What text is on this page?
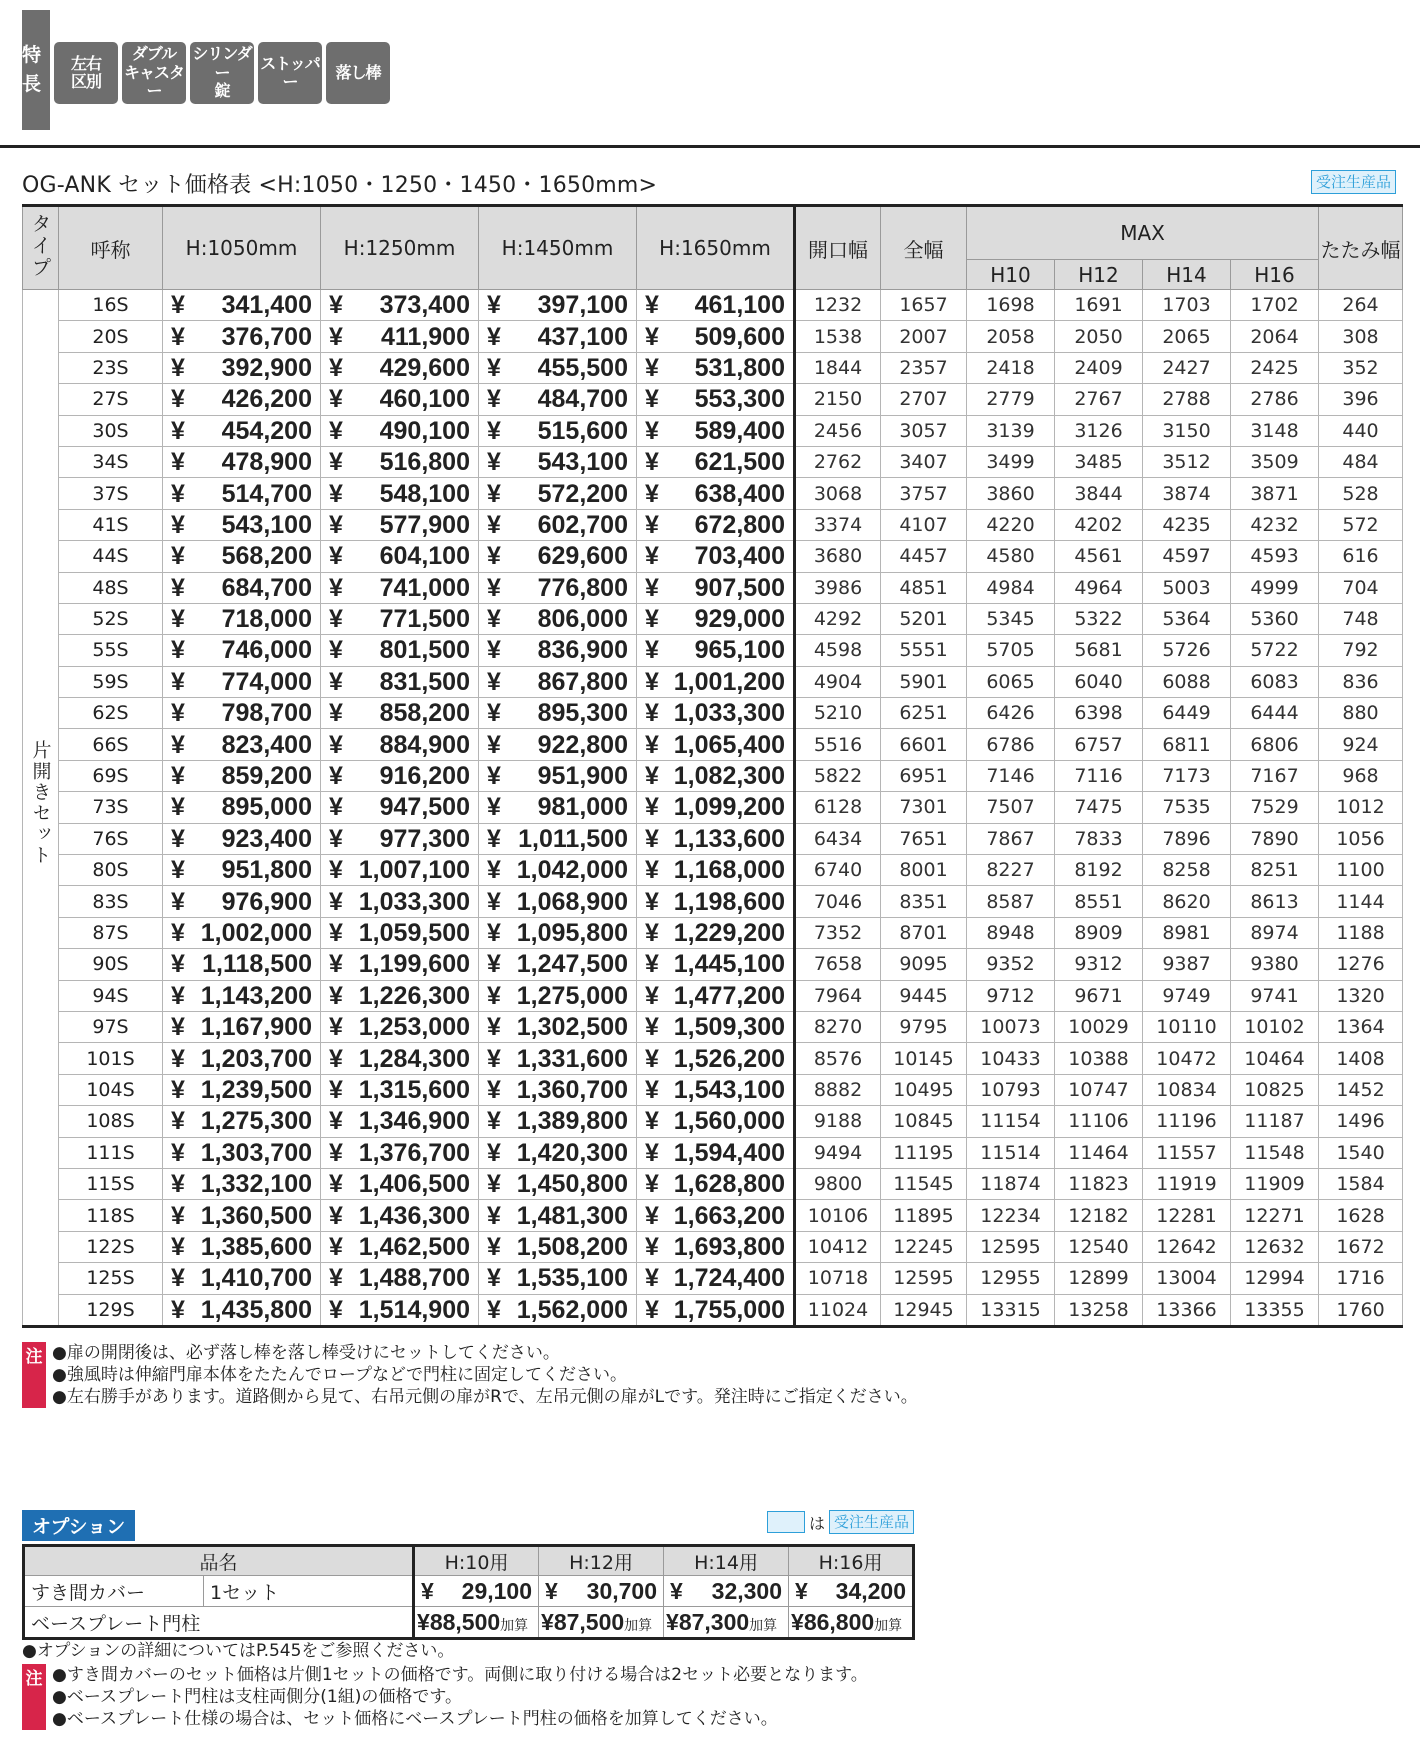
特長
左右
区別
ダブル
キャスター
シリンダー
錠
ストッパー	落し棒
OG-ANK セット価格表 <H:1050・1250・1450・1650mm>	受注生産品
タイプ	呼称	H:1050mm	H:1250mm	H:1450mm	H:1650mm	開口幅	全幅	MAX				たたみ幅
								H10	H12	H14	H16	
片開きセット	16S	¥ 341,400	¥ 373,400	¥ 397,100	¥ 461,100	1232	1657	1698	1691	1703	1702	264
	20S	¥ 376,700	¥ 411,900	¥ 437,100	¥ 509,600	1538	2007	2058	2050	2065	2064	308
	23S	¥ 392,900	¥ 429,600	¥ 455,500	¥ 531,800	1844	2357	2418	2409	2427	2425	352
	27S	¥ 426,200	¥ 460,100	¥ 484,700	¥ 553,300	2150	2707	2779	2767	2788	2786	396
	30S	¥ 454,200	¥ 490,100	¥ 515,600	¥ 589,400	2456	3057	3139	3126	3150	3148	440
	34S	¥ 478,900	¥ 516,800	¥ 543,100	¥ 621,500	2762	3407	3499	3485	3512	3509	484
	37S	¥ 514,700	¥ 548,100	¥ 572,200	¥ 638,400	3068	3757	3860	3844	3874	3871	528
	41S	¥ 543,100	¥ 577,900	¥ 602,700	¥ 672,800	3374	4107	4220	4202	4235	4232	572
	44S	¥ 568,200	¥ 604,100	¥ 629,600	¥ 703,400	3680	4457	4580	4561	4597	4593	616
	48S	¥ 684,700	¥ 741,000	¥ 776,800	¥ 907,500	3986	4851	4984	4964	5003	4999	704
	52S	¥ 718,000	¥ 771,500	¥ 806,000	¥ 929,000	4292	5201	5345	5322	5364	5360	748
	55S	¥ 746,000	¥ 801,500	¥ 836,900	¥ 965,100	4598	5551	5705	5681	5726	5722	792
	59S	¥ 774,000	¥ 831,500	¥ 867,800	¥ 1,001,200	4904	5901	6065	6040	6088	6083	836
	62S	¥ 798,700	¥ 858,200	¥ 895,300	¥ 1,033,300	5210	6251	6426	6398	6449	6444	880
	66S	¥ 823,400	¥ 884,900	¥ 922,800	¥ 1,065,400	5516	6601	6786	6757	6811	6806	924
	69S	¥ 859,200	¥ 916,200	¥ 951,900	¥ 1,082,300	5822	6951	7146	7116	7173	7167	968
	73S	¥ 895,000	¥ 947,500	¥ 981,000	¥ 1,099,200	6128	7301	7507	7475	7535	7529	1012
	76S	¥ 923,400	¥ 977,300	¥ 1,011,500	¥ 1,133,600	6434	7651	7867	7833	7896	7890	1056
	80S	¥ 951,800	¥ 1,007,100	¥ 1,042,000	¥ 1,168,000	6740	8001	8227	8192	8258	8251	1100
	83S	¥ 976,900	¥ 1,033,300	¥ 1,068,900	¥ 1,198,600	7046	8351	8587	8551	8620	8613	1144
	87S	¥ 1,002,000	¥ 1,059,500	¥ 1,095,800	¥ 1,229,200	7352	8701	8948	8909	8981	8974	1188
	90S	¥ 1,118,500	¥ 1,199,600	¥ 1,247,500	¥ 1,445,100	7658	9095	9352	9312	9387	9380	1276
	94S	¥ 1,143,200	¥ 1,226,300	¥ 1,275,000	¥ 1,477,200	7964	9445	9712	9671	9749	9741	1320
	97S	¥ 1,167,900	¥ 1,253,000	¥ 1,302,500	¥ 1,509,300	8270	9795	10073	10029	10110	10102	1364
	101S	¥ 1,203,700	¥ 1,284,300	¥ 1,331,600	¥ 1,526,200	8576	10145	10433	10388	10472	10464	1408
	104S	¥ 1,239,500	¥ 1,315,600	¥ 1,360,700	¥ 1,543,100	8882	10495	10793	10747	10834	10825	1452
	108S	¥ 1,275,300	¥ 1,346,900	¥ 1,389,800	¥ 1,560,000	9188	10845	11154	11106	11196	11187	1496
	111S	¥ 1,303,700	¥ 1,376,700	¥ 1,420,300	¥ 1,594,400	9494	11195	11514	11464	11557	11548	1540
	115S	¥ 1,332,100	¥ 1,406,500	¥ 1,450,800	¥ 1,628,800	9800	11545	11874	11823	11919	11909	1584
	118S	¥ 1,360,500	¥ 1,436,300	¥ 1,481,300	¥ 1,663,200	10106	11895	12234	12182	12281	12271	1628
	122S	¥ 1,385,600	¥ 1,462,500	¥ 1,508,200	¥ 1,693,800	10412	12245	12595	12540	12642	12632	1672
	125S	¥ 1,410,700	¥ 1,488,700	¥ 1,535,100	¥ 1,724,400	10718	12595	12955	12899	13004	12994	1716
	129S	¥ 1,435,800	¥ 1,514,900	¥ 1,562,000	¥ 1,755,000	11024	12945	13315	13258	13366	13355	1760
注 ●扉の開閉後は、必ず落し棒を落し棒受けにセットしてください。
●強風時は伸縮門扉本体をたたんでロープなどで門柱に固定してください。
●左右勝手があります。道路側から見て、右吊元側の扉がRで、左吊元側の扉がLです。発注時にご指定ください。
オプション	は 受注生産品
品名		H:10用	H:12用	H:14用	H:16用
すき間カバー	1セット	¥ 29,100	¥ 30,700	¥ 32,300	¥ 34,200

ベースプレート門柱		¥88,500加算	¥87,500加算	¥87,300加算	¥86,800加算
●オプションの詳細についてはP.545をご参照ください。
注 ●すき間カバーのセット価格は片側1セットの価格です。両側に取り付ける場合は2セット必要となります。
●ベースプレート門柱は支柱両側分(1組)の価格です。
●ベースプレート仕様の場合は、セット価格にベースプレート門柱の価格を加算してください。
